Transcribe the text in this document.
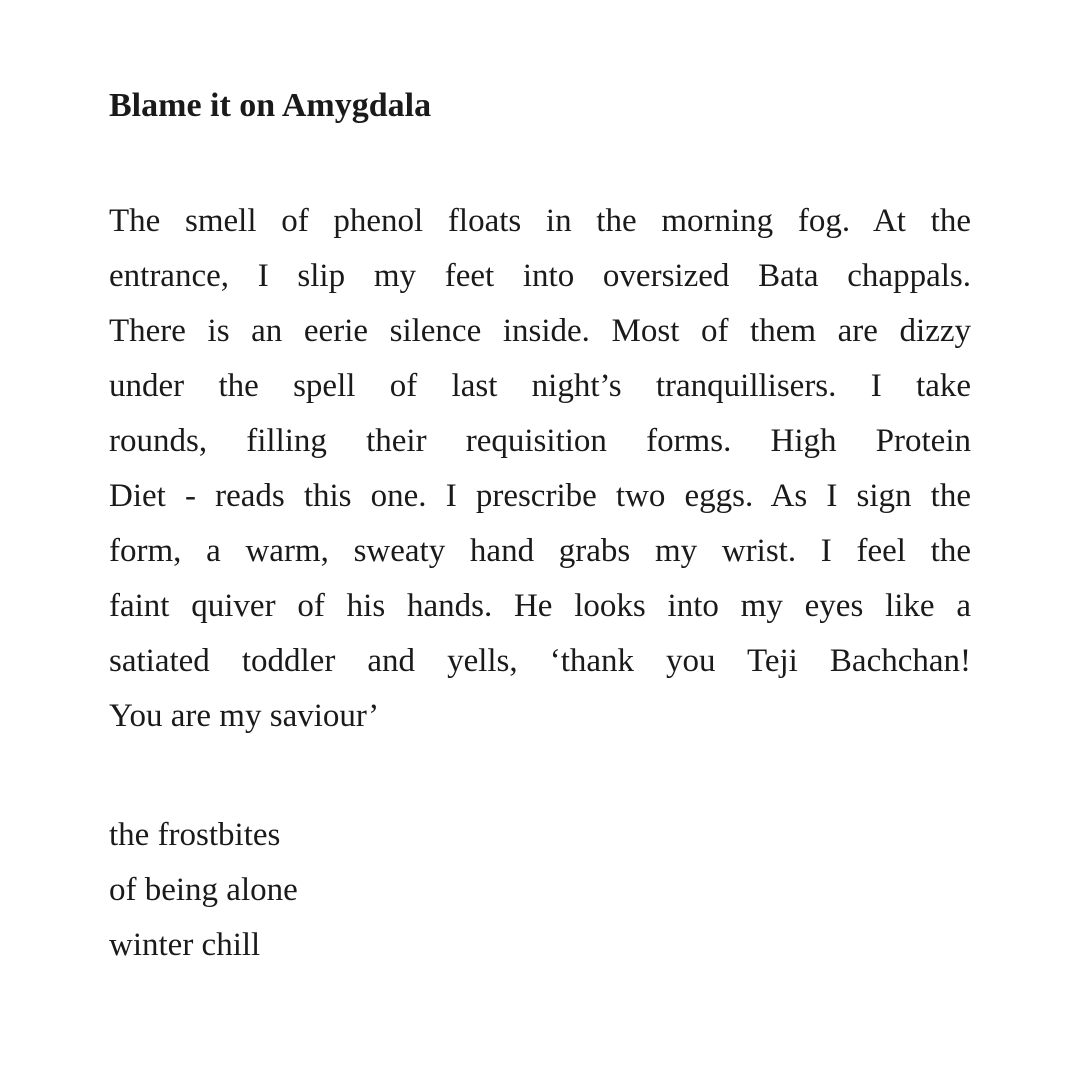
Blame it on Amygdala
The smell of phenol floats in the morning fog. At the
entrance, I slip my feet into oversized Bata chappals.
There is an eerie silence inside. Most of them are dizzy
under the spell of last night’s tranquillisers. I take
rounds, filling their requisition forms. High Protein
Diet - reads this one. I prescribe two eggs. As I sign the
form, a warm, sweaty hand grabs my wrist. I feel the
faint quiver of his hands. He looks into my eyes like a
satiated toddler and yells, ‘thank you Teji Bachchan!
You are my saviour’
the frostbites
of being alone
winter chill
